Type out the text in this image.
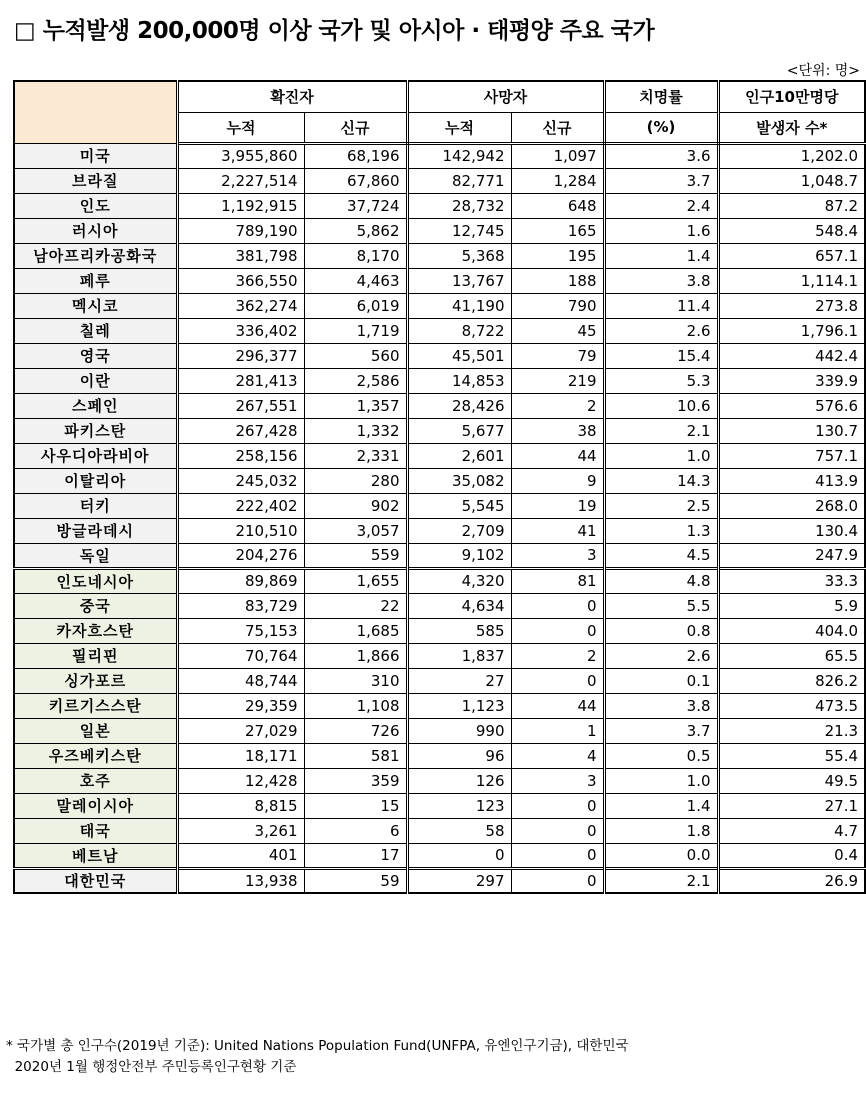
□ 누적발생 200,000명 이상 국가 및 아시아 · 태평양 주요 국가
<단위: 명>
	확진자		사망자		치명률	인구10만명당
	누적	신규	누적	신규	(%)	발생자 수*
미국	3,955,860	68,196	142,942	1,097	3.6	1,202.0
브라질	2,227,514	67,860	82,771	1,284	3.7	1,048.7
인도	1,192,915	37,724	28,732	648	2.4	87.2
러시아	789,190	5,862	12,745	165	1.6	548.4
남아프리카공화국	381,798	8,170	5,368	195	1.4	657.1
페루	366,550	4,463	13,767	188	3.8	1,114.1
멕시코	362,274	6,019	41,190	790	11.4	273.8
칠레	336,402	1,719	8,722	45	2.6	1,796.1
영국	296,377	560	45,501	79	15.4	442.4
이란	281,413	2,586	14,853	219	5.3	339.9
스페인	267,551	1,357	28,426	2	10.6	576.6
파키스탄	267,428	1,332	5,677	38	2.1	130.7
사우디아라비아	258,156	2,331	2,601	44	1.0	757.1
이탈리아	245,032	280	35,082	9	14.3	413.9
터키	222,402	902	5,545	19	2.5	268.0
방글라데시	210,510	3,057	2,709	41	1.3	130.4
독일	204,276	559	9,102	3	4.5	247.9
인도네시아	89,869	1,655	4,320	81	4.8	33.3
중국	83,729	22	4,634	0	5.5	5.9
카자흐스탄	75,153	1,685	585	0	0.8	404.0
필리핀	70,764	1,866	1,837	2	2.6	65.5
싱가포르	48,744	310	27	0	0.1	826.2
키르기스스탄	29,359	1,108	1,123	44	3.8	473.5
일본	27,029	726	990	1	3.7	21.3
우즈베키스탄	18,171	581	96	4	0.5	55.4
호주	12,428	359	126	3	1.0	49.5
말레이시아	8,815	15	123	0	1.4	27.1
태국	3,261	6	58	0	1.8	4.7
베트남	401	17	0	0	0.0	0.4
대한민국	13,938	59	297	0	2.1	26.9
* 국가별 총 인구수(2019년 기준): United Nations Population Fund(UNFPA, 유엔인구기금), 대한민국
2020년 1월 행정안전부 주민등록인구현황 기준
